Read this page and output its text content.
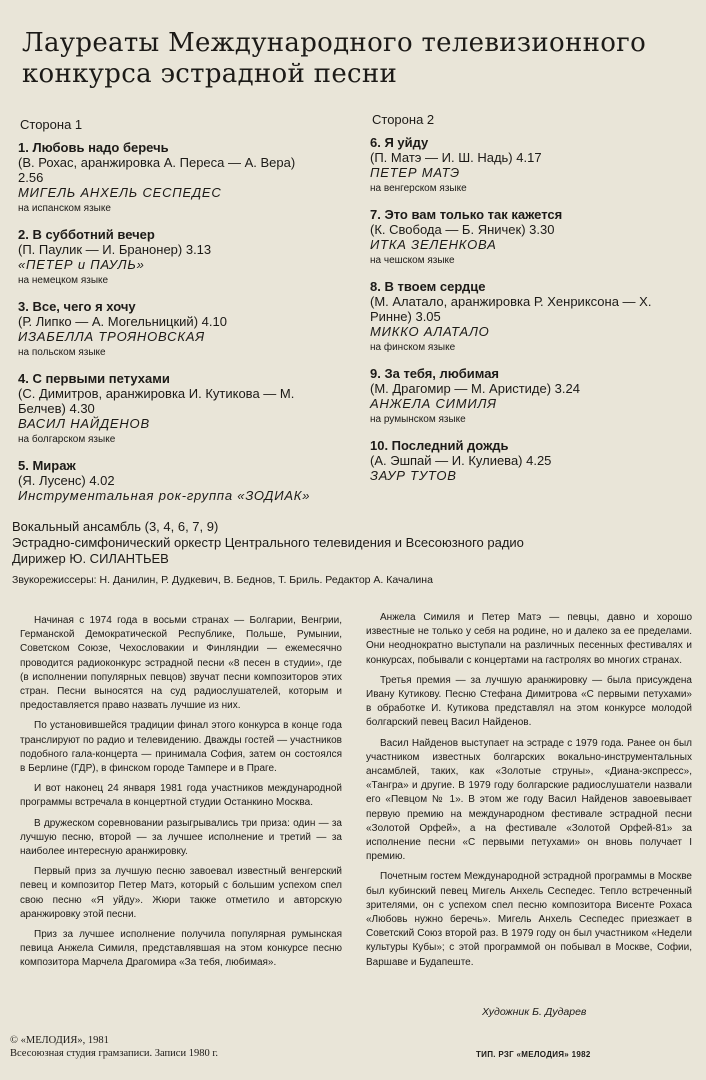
Лауреаты Международного телевизионного конкурса эстрадной песни
Сторона 1	Сторона 2
1. Любовь надо беречь
(В. Рохас, аранжировка А. Переса — А. Вера) 2.56
МИГЕЛЬ АНХЕЛЬ СЕСПЕДЕС
на испанском языке
2. В субботний вечер
(П. Паулик — И. Бранонер) 3.13
«ПЕТЕР и ПАУЛЬ»
на немецком языке
3. Все, чего я хочу
(Р. Липко — А. Могельницкий) 4.10
ИЗАБЕЛЛА ТРОЯНОВСКАЯ
на польском языке
4. С первыми петухами
(С. Димитров, аранжировка И. Кутикова — М. Белчев) 4.30
ВАСИЛ НАЙДЕНОВ
на болгарском языке
5. Мираж
(Я. Лусенс) 4.02
Инструментальная рок-группа «ЗОДИАК»
6. Я уйду
(П. Матэ — И. Ш. Надь) 4.17
ПЕТЕР МАТЭ
на венгерском языке
7. Это вам только так кажется
(К. Свобода — Б. Яничек) 3.30
ИТКА ЗЕЛЕНКОВА
на чешском языке
8. В твоем сердце
(М. Алатало, аранжировка Р. Хенриксона — Х. Ринне) 3.05
МИККО АЛАТАЛО
на финском языке
9. За тебя, любимая
(М. Драгомир — М. Аристиде) 3.24
АНЖЕЛА СИМИЛЯ
на румынском языке
10. Последний дождь
(А. Эшпай — И. Кулиева) 4.25
ЗАУР ТУТОВ
Вокальный ансамбль (3, 4, 6, 7, 9)
Эстрадно-симфонический оркестр Центрального телевидения и Всесоюзного радио
Дирижер Ю. СИЛАНТЬЕВ
Звукорежиссеры: Н. Данилин, Р. Дудкевич, В. Беднов, Т. Бриль. Редактор А. Качалина

Начиная с 1974 года в восьми странах — Болгарии, Венгрии, Германской Демократической Республике, Польше, Румынии, Советском Союзе, Чехословакии и Финляндии — ежемесячно проводится радиоконкурс эстрадной песни «8 песен в студии», где (в исполнении популярных певцов) звучат песни композиторов этих стран. Песни выносятся на суд радиослушателей, которым и предоставляется право назвать лучшие из них.

По установившейся традиции финал этого конкурса в конце года транслируют по радио и телевидению. Дважды гостей — участников подобного гала-концерта — принимала София, затем он состоялся в Берлине (ГДР), в финском городе Тампере и в Праге.

И вот наконец 24 января 1981 года участников международной программы встречала в концертной студии Останкино Москва.

В дружеском соревновании разыгрывались три приза: один — за лучшую песню, второй — за лучшее исполнение и третий — за наиболее интересную аранжировку.

Первый приз за лучшую песню завоевал известный венгерский певец и композитор Петер Матэ, который с большим успехом спел свою песню «Я уйду». Жюри также отметило и авторскую аранжировку этой песни.

Приз за лучшее исполнение получила популярная румынская певица Анжела Симиля, представлявшая на этом конкурсе песню композитора Марчела Драгомира «За тебя, любимая».

Анжела Симиля и Петер Матэ — певцы, давно и хорошо известные не только у себя на родине, но и далеко за ее пределами. Они неоднократно выступали на различных песенных фестивалях и конкурсах, побывали с концертами на гастролях во многих странах.

Третья премия — за лучшую аранжировку — была присуждена Ивану Кутикову. Песню Стефана Димитрова «С первыми петухами» в обработке И. Кутикова представлял на этом конкурсе молодой болгарский певец Васил Найденов.

Васил Найденов выступает на эстраде с 1979 года. Ранее он был участником известных болгарских вокально-инструментальных ансамблей, таких, как «Золотые струны», «Диана-экспресс», «Тангра» и другие. В 1979 году болгарские радиослушатели назвали его «Певцом № 1». В этом же году Васил Найденов завоевывает первую премию на международном фестивале эстрадной песни «Золотой Орфей», а на фестивале «Золотой Орфей-81» за исполнение песни «С первыми петухами» он вновь получает I премию.

Почетным гостем Международной эстрадной программы в Москве был кубинский певец Мигель Анхель Сеспедес. Тепло встреченный зрителями, он с успехом спел песню композитора Висенте Рохаса «Любовь нужно беречь». Мигель Анхель Сеспедес приезжает в Советский Союз второй раз. В 1979 году он был участником «Недели культуры Кубы»; с этой программой он побывал в Москве, Софии, Варшаве и Будапеште.

Художник Б. Дударев
© «МЕЛОДИЯ», 1981
Всесоюзная студия грамзаписи. Записи 1980 г.	ТИП. РЗГ «МЕЛОДИЯ» 1982
